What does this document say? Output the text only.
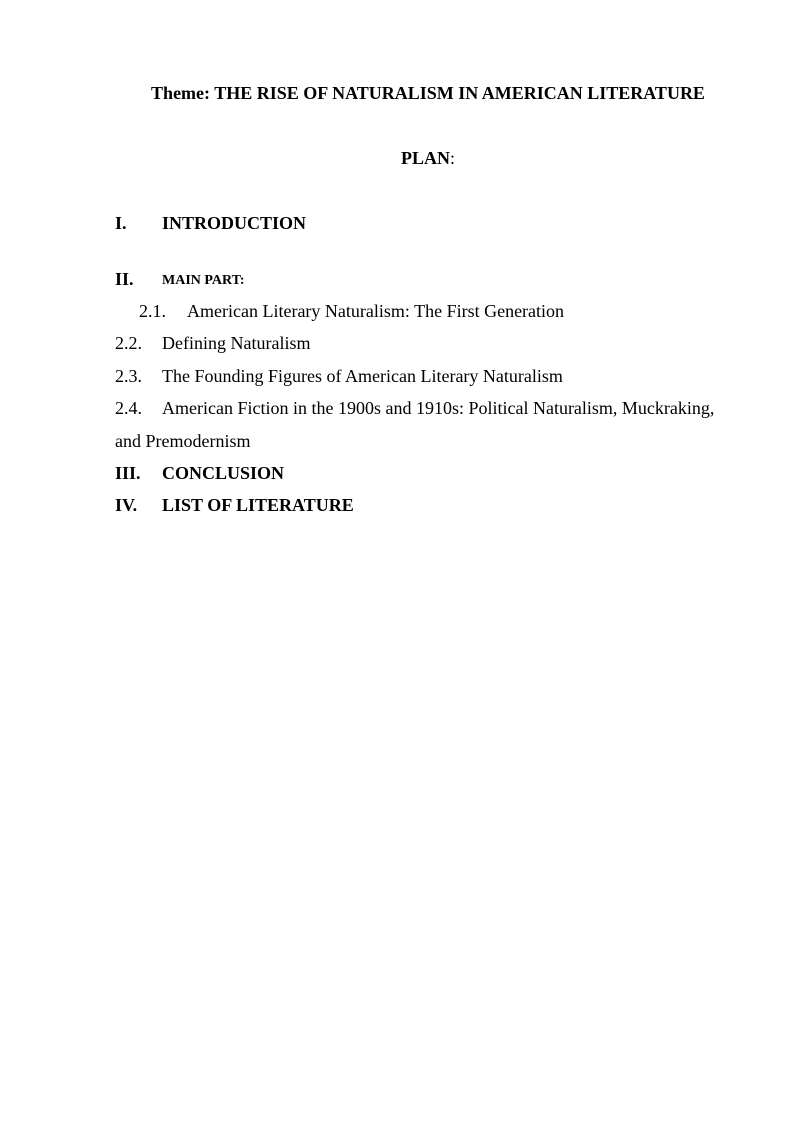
Theme: THE RISE OF NATURALISM IN AMERICAN LITERATURE
PLAN:
I. INTRODUCTION
II. MAIN PART:
2.1. American Literary Naturalism: The First Generation
2.2. Defining Naturalism
2.3. The Founding Figures of American Literary Naturalism
2.4. American Fiction in the 1900s and 1910s: Political Naturalism, Muckraking,
and Premodernism
III. CONCLUSION
IV. LIST OF LITERATURE
